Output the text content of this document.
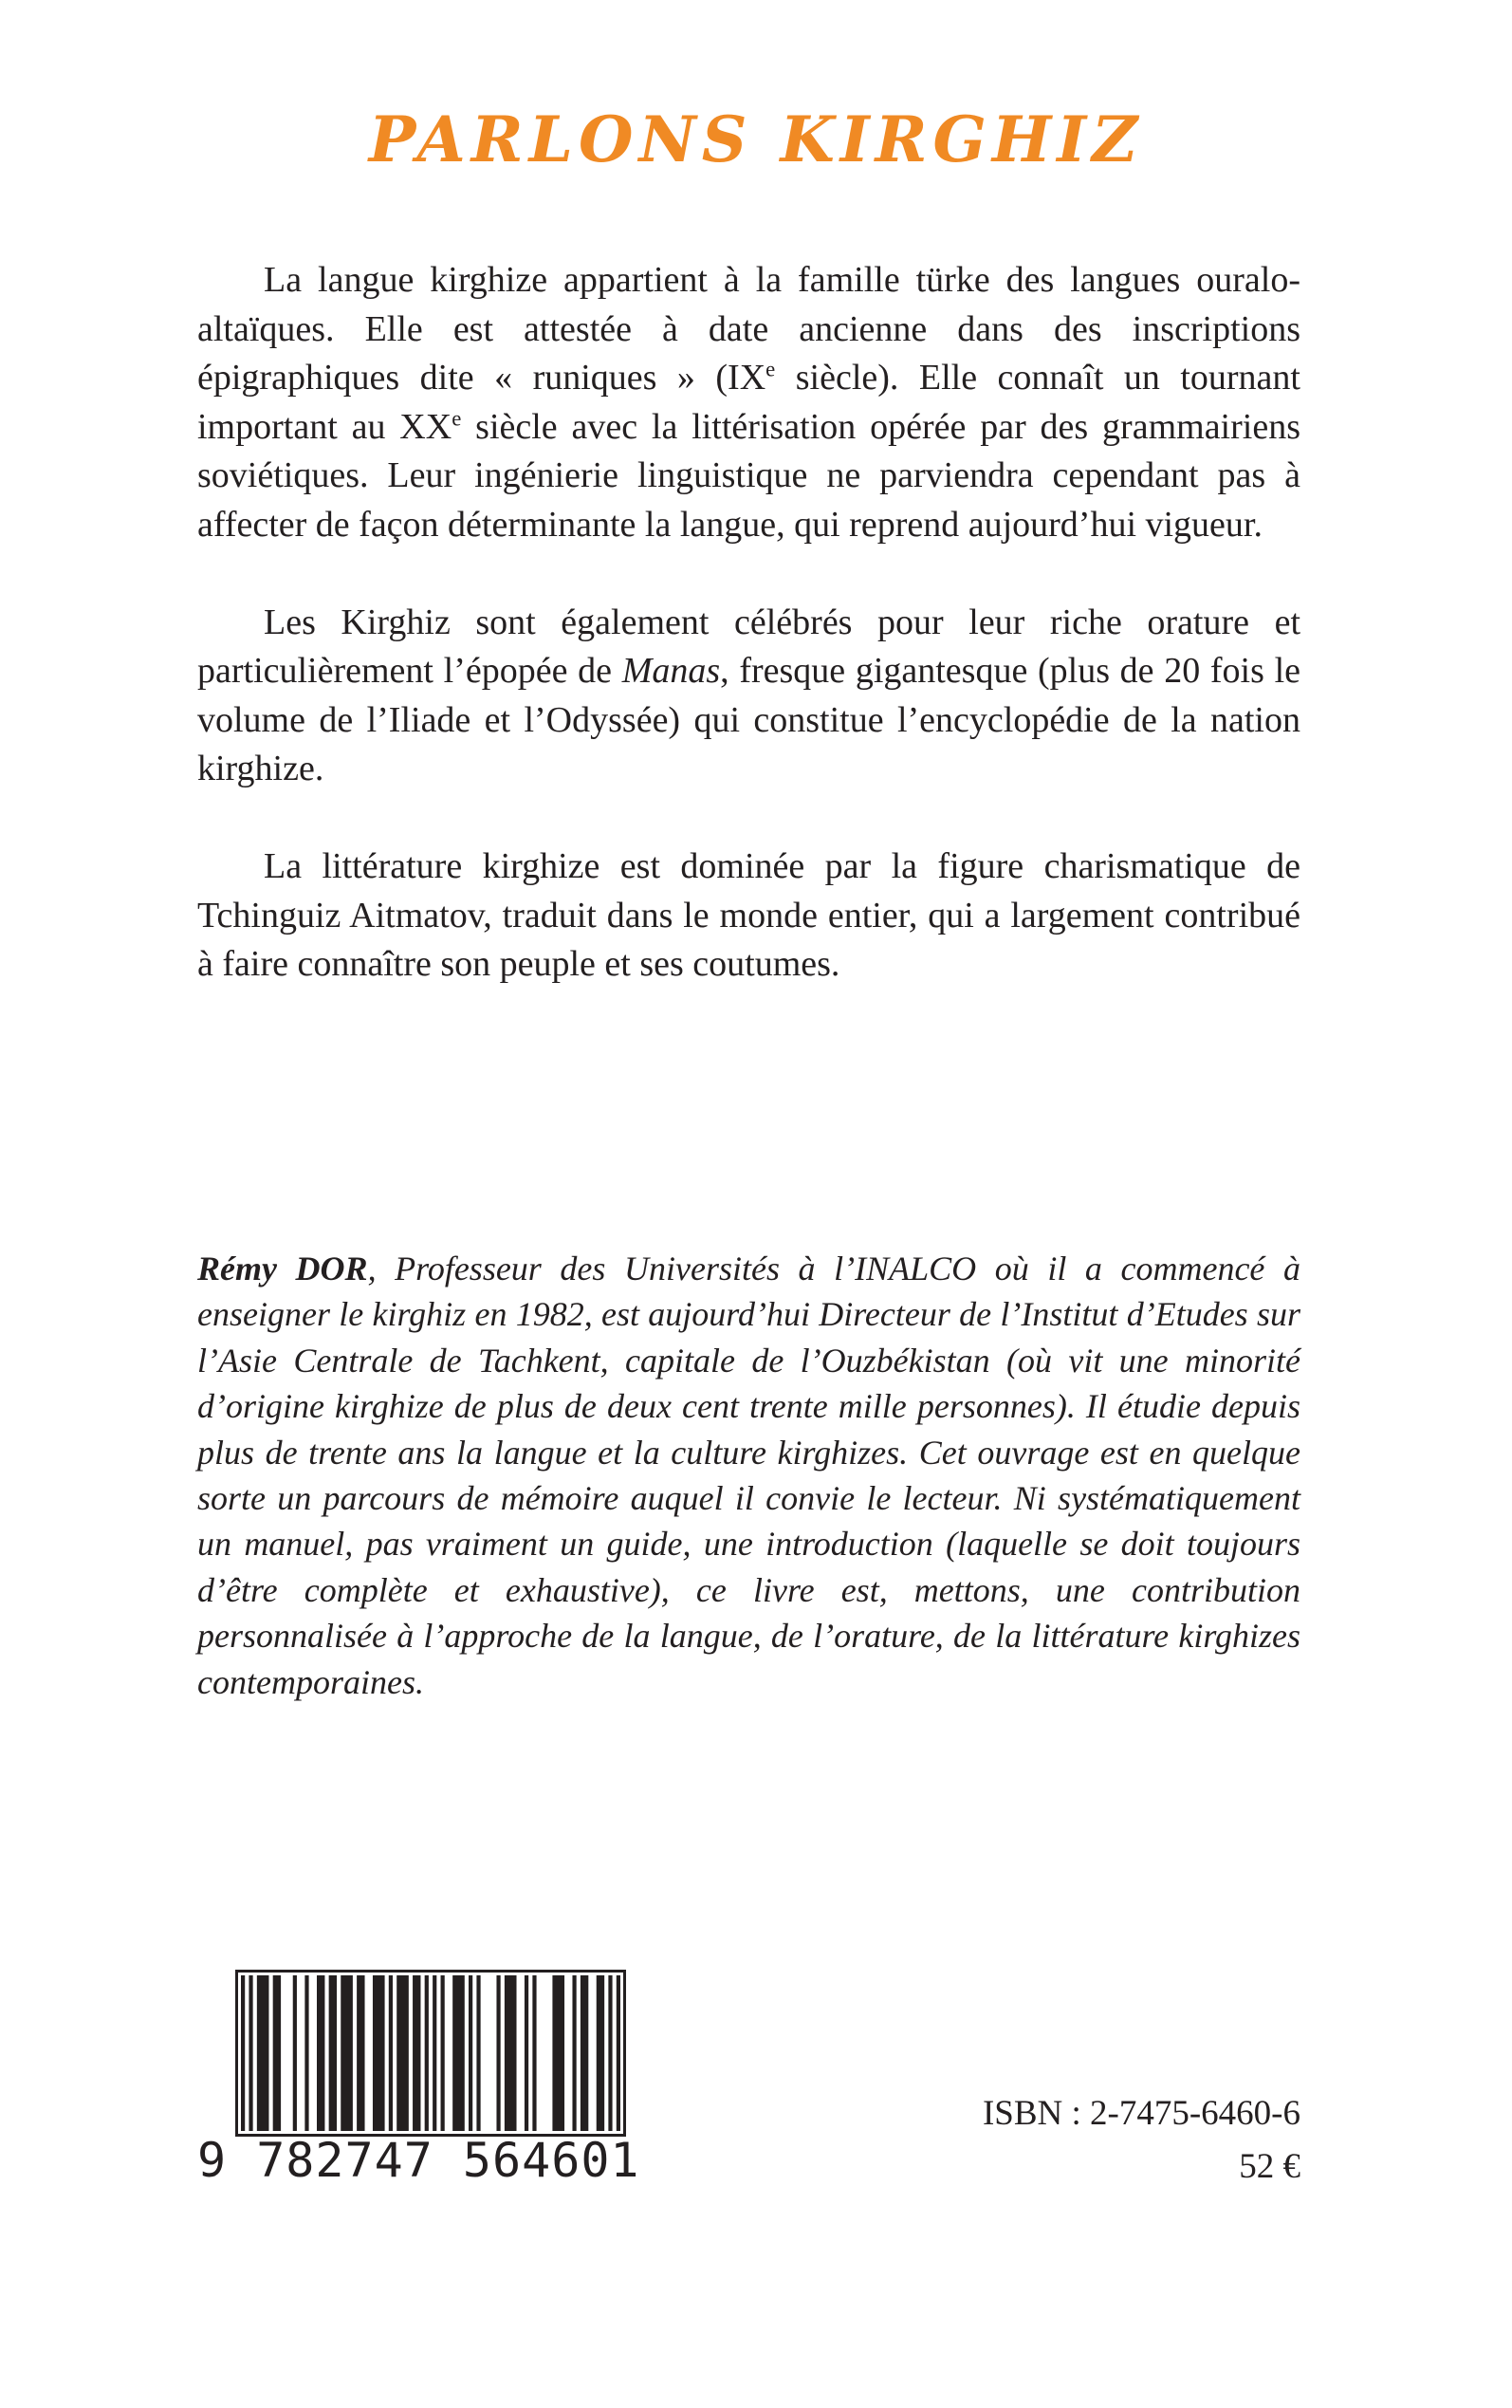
PARLONS KIRGHIZ

La langue kirghize appartient à la famille türke des langues ouralo-altaïques. Elle est attestée à date ancienne dans des inscriptions épigraphiques dite « runiques » (IXe siècle). Elle connaît un tournant important au XXe siècle avec la littérisation opérée par des grammairiens soviétiques. Leur ingénierie linguistique ne parviendra cependant pas à affecter de façon déterminante la langue, qui reprend aujourd’hui vigueur.

Les Kirghiz sont également célébrés pour leur riche orature et particulièrement l’épopée de Manas, fresque gigantesque (plus de 20 fois le volume de l’Iliade et l’Odyssée) qui constitue l’encyclopédie de la nation kirghize.

La littérature kirghize est dominée par la figure charismatique de Tchinguiz Aitmatov, traduit dans le monde entier, qui a largement contribué à faire connaître son peuple et ses coutumes.

Rémy DOR, Professeur des Universités à l’INALCO où il a commencé à enseigner le kirghiz en 1982, est aujourd’hui Directeur de l’Institut d’Etudes sur l’Asie Centrale de Tachkent, capitale de l’Ouzbékistan (où vit une minorité d’origine kirghize de plus de deux cent trente mille personnes). Il étudie depuis plus de trente ans la langue et la culture kirghizes. Cet ouvrage est en quelque sorte un parcours de mémoire auquel il convie le lecteur. Ni systématiquement un manuel, pas vraiment un guide, une introduction (laquelle se doit toujours d’être complète et exhaustive), ce livre est, mettons, une contribution personnalisée à l’approche de la langue, de l’orature, de la littérature kirghizes contemporaines.

9 782747 564601

ISBN : 2-7475-6460-6

52 €
